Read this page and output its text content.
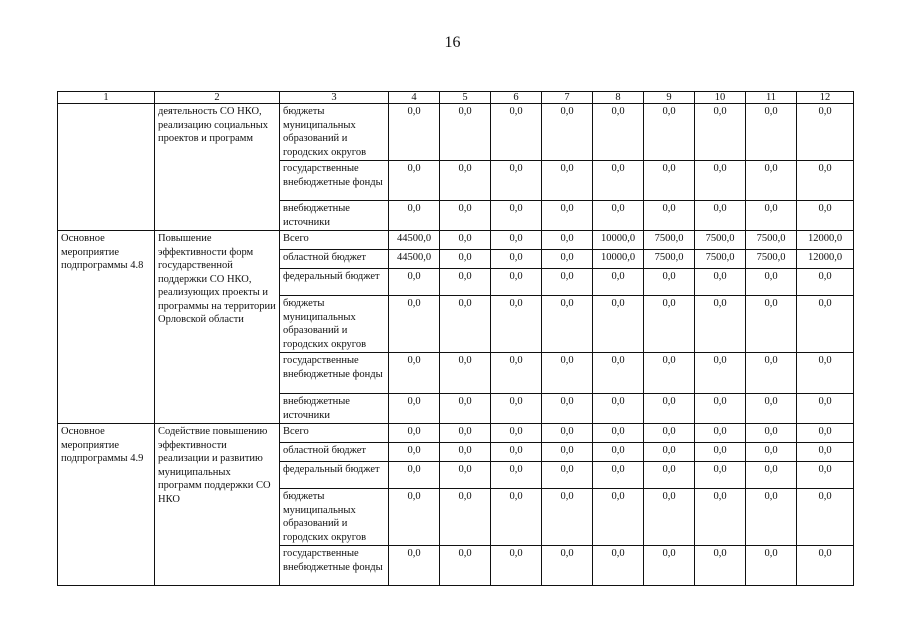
16
1	2	3	4	5	6	7	8	9	10	11	12
	деятельность СО НКО, реализацию социальных проектов и программ	бюджеты муниципальных образований и городских округов	0,0	0,0	0,0	0,0	0,0	0,0	0,0	0,0	0,0
		государственные внебюджетные фонды	0,0	0,0	0,0	0,0	0,0	0,0	0,0	0,0	0,0
		внебюджетные источники	0,0	0,0	0,0	0,0	0,0	0,0	0,0	0,0	0,0
Основное мероприятие подпрограммы 4.8	Повышение эффективности форм государственной поддержки СО НКО, реализующих проекты и программы на территории Орловской области	Всего	44500,0	0,0	0,0	0,0	10000,0	7500,0	7500,0	7500,0	12000,0
		областной бюджет	44500,0	0,0	0,0	0,0	10000,0	7500,0	7500,0	7500,0	12000,0
		федеральный бюджет	0,0	0,0	0,0	0,0	0,0	0,0	0,0	0,0	0,0
		бюджеты муниципальных образований и городских округов	0,0	0,0	0,0	0,0	0,0	0,0	0,0	0,0	0,0
		государственные внебюджетные фонды	0,0	0,0	0,0	0,0	0,0	0,0	0,0	0,0	0,0
		внебюджетные источники	0,0	0,0	0,0	0,0	0,0	0,0	0,0	0,0	0,0
Основное мероприятие подпрограммы 4.9	Содействие повышению эффективности реализации и развитию муниципальных программ поддержки СО НКО	Всего	0,0	0,0	0,0	0,0	0,0	0,0	0,0	0,0	0,0
		областной бюджет	0,0	0,0	0,0	0,0	0,0	0,0	0,0	0,0	0,0
		федеральный бюджет	0,0	0,0	0,0	0,0	0,0	0,0	0,0	0,0	0,0
		бюджеты муниципальных образований и городских округов	0,0	0,0	0,0	0,0	0,0	0,0	0,0	0,0	0,0
		государственные внебюджетные фонды	0,0	0,0	0,0	0,0	0,0	0,0	0,0	0,0	0,0
